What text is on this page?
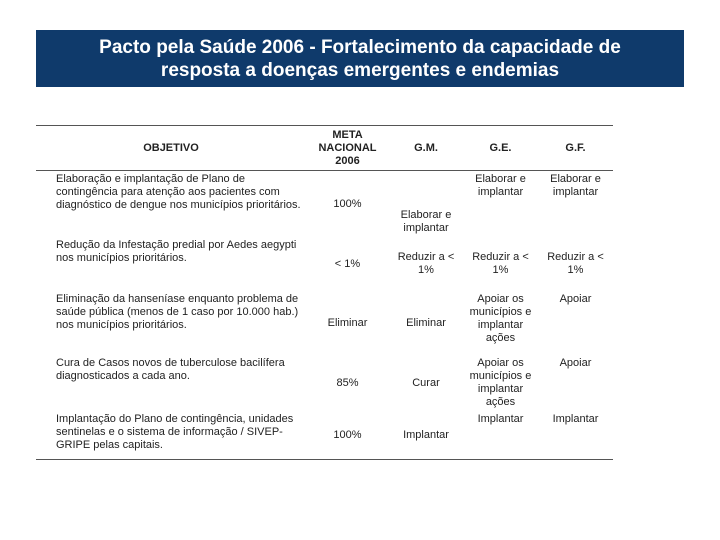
Pacto pela Saúde 2006 - Fortalecimento da capacidade de
resposta a doenças emergentes e endemias
OBJETIVO	META NACIONAL 2006	G.M.	G.E.	G.F.
Elaboração e implantação de Plano de contingência para atenção aos pacientes com diagnóstico de dengue nos municípios prioritários.	100%	Elaborar e implantar	Elaborar e implantar	Elaborar e implantar
Redução da Infestação predial por Aedes aegypti nos municípios prioritários.	< 1%	Reduzir a < 1%	Reduzir a < 1%	Reduzir a < 1%
Eliminação da hanseníase enquanto problema de saúde pública (menos de 1 caso por 10.000 hab.) nos municípios prioritários.	Eliminar	Eliminar	Apoiar os municípios e implantar ações	Apoiar
Cura de Casos novos de tuberculose bacilífera diagnosticados a cada ano.	85%	Curar	Apoiar os municípios e implantar ações	Apoiar
Implantação do Plano de contingência, unidades sentinelas e o sistema de informação / SIVEP-GRIPE pelas capitais.	100%	Implantar	Implantar	Implantar
